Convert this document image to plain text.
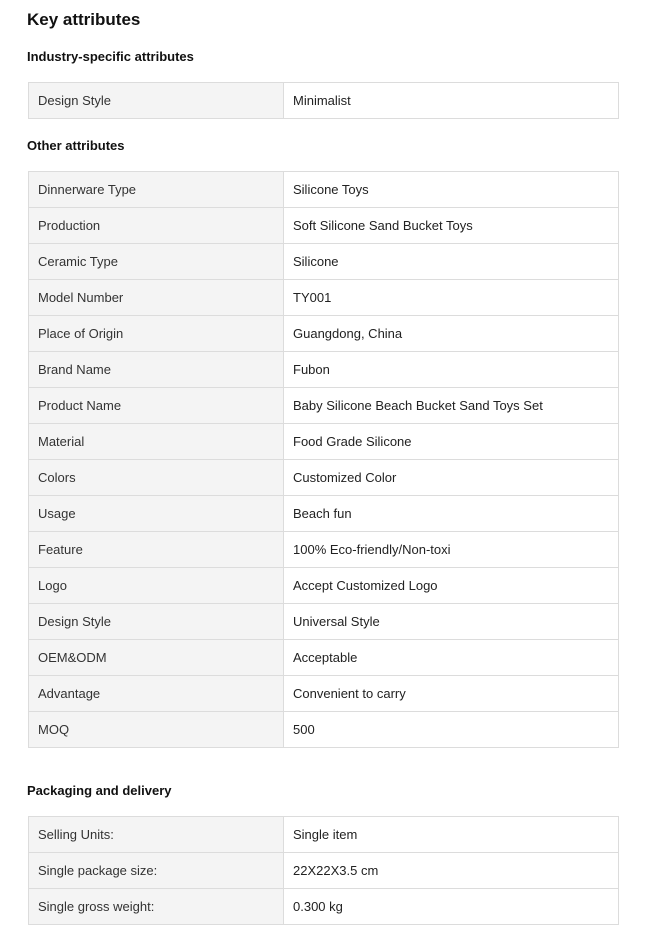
Key attributes
Industry-specific attributes
Design Style	Minimalist
Other attributes
Dinnerware Type	Silicone Toys
Production	Soft Silicone Sand Bucket Toys
Ceramic Type	Silicone
Model Number	TY001
Place of Origin	Guangdong, China
Brand Name	Fubon
Product Name	Baby Silicone Beach Bucket Sand Toys Set
Material	Food Grade Silicone
Colors	Customized Color
Usage	Beach fun
Feature	100% Eco-friendly/Non-toxi
Logo	Accept Customized Logo
Design Style	Universal Style
OEM&ODM	Acceptable
Advantage	Convenient to carry
MOQ	500
Packaging and delivery
Selling Units:	Single item
Single package size:	22X22X3.5 cm
Single gross weight:	0.300 kg
